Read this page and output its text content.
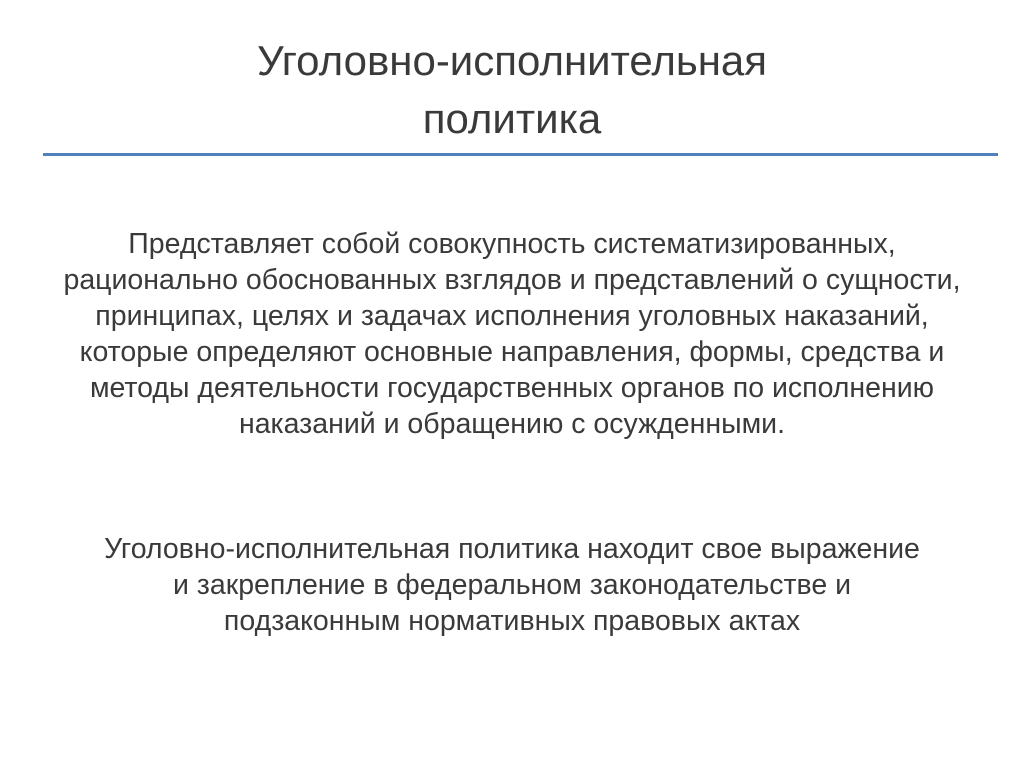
Уголовно-исполнительная
политика
Представляет собой совокупность систематизированных, рационально обоснованных взглядов и представлений о сущности, принципах, целях и задачах исполнения уголовных наказаний, которые определяют основные направления, формы, средства и методы деятельности государственных органов по исполнению наказаний и обращению с осужденными.
Уголовно-исполнительная политика находит свое выражение и закрепление в федеральном законодательстве и подзаконным нормативных правовых актах
